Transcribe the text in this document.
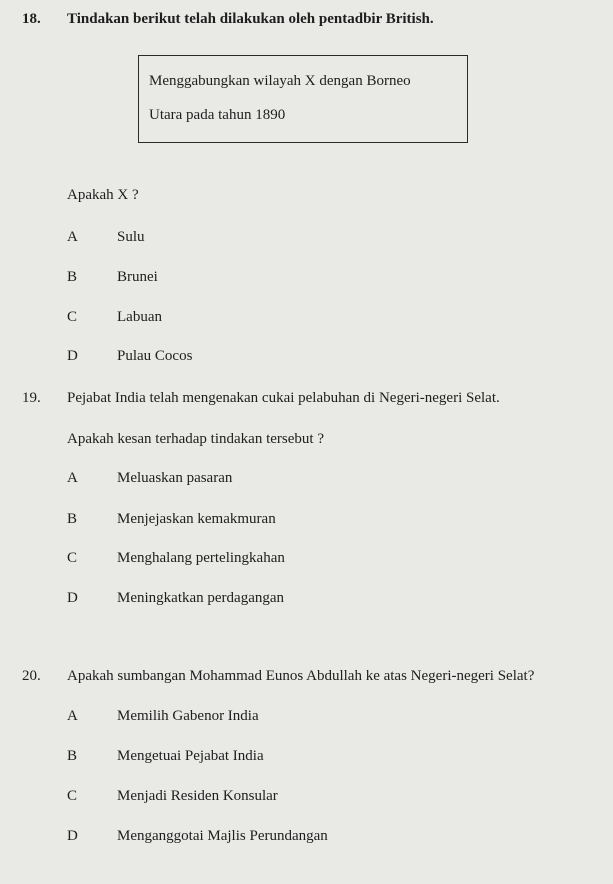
18. Tindakan berikut telah dilakukan oleh pentadbir British.
Menggabungkan wilayah X dengan Borneo
Utara pada tahun 1890
Apakah X ?
A	Sulu
B	Brunei
C	Labuan
D	Pulau Cocos
19. Pejabat India telah mengenakan cukai pelabuhan di Negeri-negeri Selat.
Apakah kesan terhadap tindakan tersebut ?
A	Meluaskan pasaran
B	Menjejaskan kemakmuran
C	Menghalang pertelingkahan
D	Meningkatkan perdagangan
20. Apakah sumbangan Mohammad Eunos Abdullah ke atas Negeri-negeri Selat?
A	Memilih Gabenor India
B	Mengetuai Pejabat India
C	Menjadi Residen Konsular
D	Menganggotai Majlis Perundangan
